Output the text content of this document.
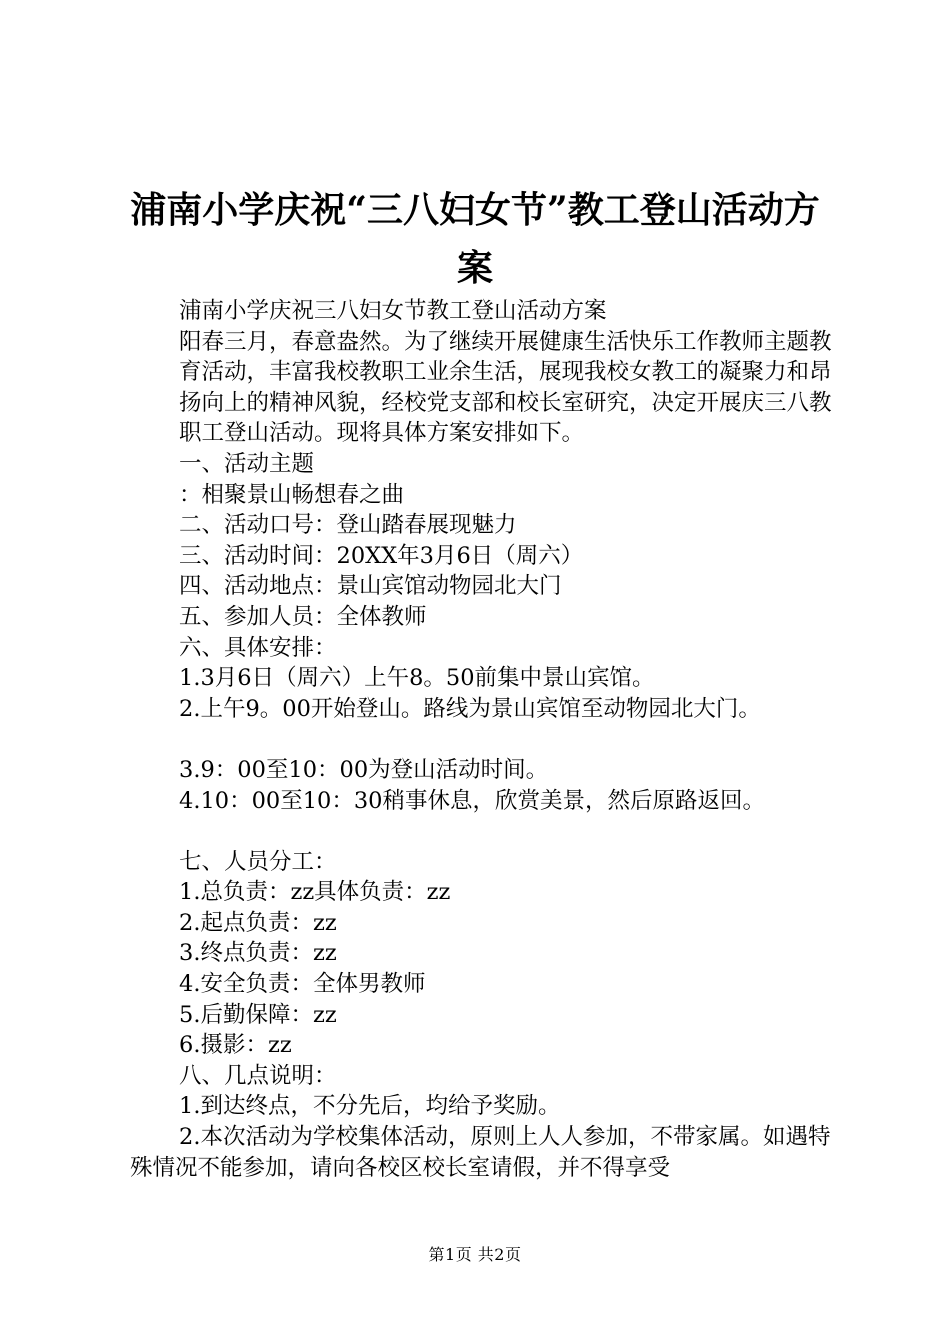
浦南小学庆祝“三八妇女节”教工登山活动方
案

浦南小学庆祝三八妇女节教工登山活动方案

阳春三月，春意盎然。为了继续开展健康生活快乐工作教师主题教育活动，丰富我校教职工业余生活，展现我校女教工的凝聚力和昂扬向上的精神风貌，经校党支部和校长室研究，决定开展庆三八教职工登山活动。现将具体方案安排如下。

一、活动主题

：相聚景山畅想春之曲

二、活动口号：登山踏春展现魅力

三、活动时间：20XX年3月6日（周六）

四、活动地点：景山宾馆动物园北大门

五、参加人员：全体教师

六、具体安排：

1.3月6日（周六）上午8。50前集中景山宾馆。

2.上午9。00开始登山。路线为景山宾馆至动物园北大门。

3.9：00至10：00为登山活动时间。

4.10：00至10：30稍事休息，欣赏美景，然后原路返回。

七、人员分工：

1.总负责：zz具体负责：zz

2.起点负责：zz

3.终点负责：zz

4.安全负责：全体男教师

5.后勤保障：zz

6.摄影：zz

八、几点说明：

1.到达终点，不分先后，均给予奖励。

2.本次活动为学校集体活动，原则上人人参加，不带家属。如遇特殊情况不能参加，请向各校区校长室请假，并不得享受

第1页 共2页
